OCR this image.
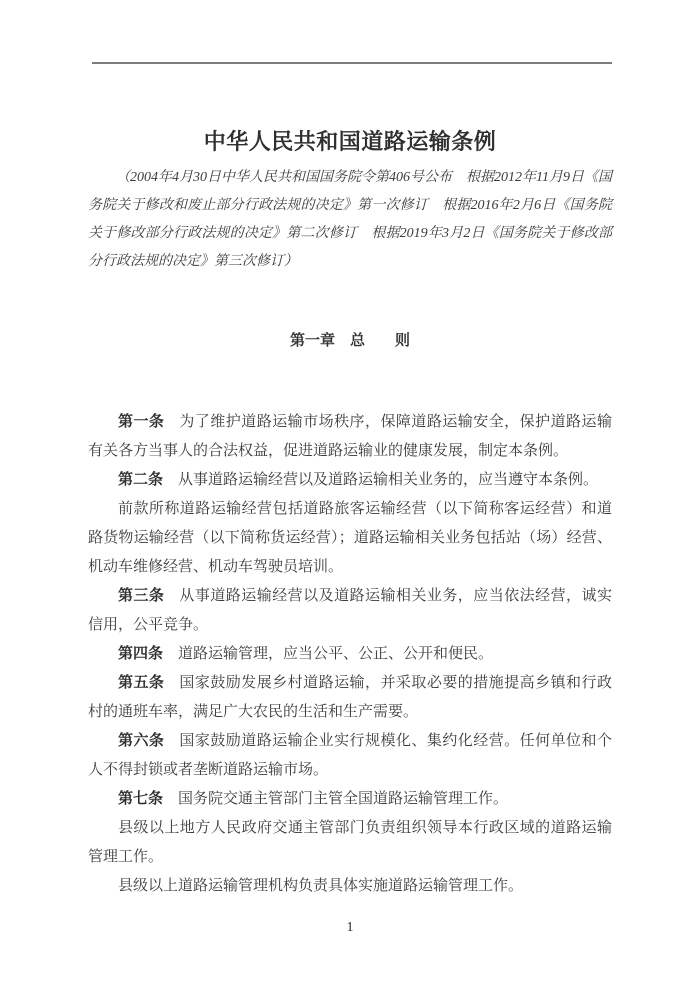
中华人民共和国道路运输条例

（2004年4月30日中华人民共和国国务院令第406号公布　根据2012年11月9日《国务院关于修改和废止部分行政法规的决定》第一次修订　根据2016年2月6日《国务院关于修改部分行政法规的决定》第二次修订　根据2019年3月2日《国务院关于修改部分行政法规的决定》第三次修订）

第一章　总　　则

第一条 为了维护道路运输市场秩序，保障道路运输安全，保护道路运输有关各方当事人的合法权益，促进道路运输业的健康发展，制定本条例。

第二条 从事道路运输经营以及道路运输相关业务的，应当遵守本条例。

前款所称道路运输经营包括道路旅客运输经营（以下简称客运经营）和道路货物运输经营（以下简称货运经营）；道路运输相关业务包括站（场）经营、机动车维修经营、机动车驾驶员培训。

第三条 从事道路运输经营以及道路运输相关业务，应当依法经营，诚实信用，公平竞争。

第四条 道路运输管理，应当公平、公正、公开和便民。

第五条 国家鼓励发展乡村道路运输，并采取必要的措施提高乡镇和行政村的通班车率，满足广大农民的生活和生产需要。

第六条 国家鼓励道路运输企业实行规模化、集约化经营。任何单位和个人不得封锁或者垄断道路运输市场。

第七条 国务院交通主管部门主管全国道路运输管理工作。

县级以上地方人民政府交通主管部门负责组织领导本行政区域的道路运输管理工作。

县级以上道路运输管理机构负责具体实施道路运输管理工作。

1
